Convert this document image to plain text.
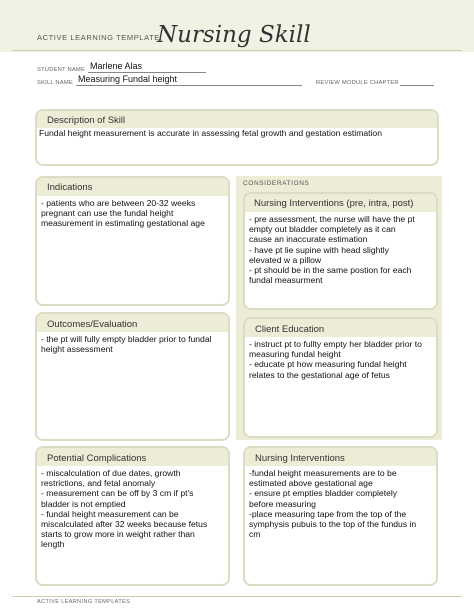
ACTIVE LEARNING TEMPLATE:
Nursing Skill
STUDENT NAME Marlene Alas
SKILL NAME Measuring Fundal height	REVIEW MODULE CHAPTER
Description of Skill
Fundal height measurement is accurate in assessing fetal growth and gestation estimation
Indications
- patients who are between 20-32 weeks
pregnant can use the fundal height
measurement in estimating gestational age
CONSIDERATIONS
Nursing Interventions (pre, intra, post)
- pre assessment, the nurse will have the pt
empty out bladder completely as it can
cause an inaccurate estimation
- have pt lie supine with head slightly
elevated w a pillow
- pt should be in the same postion for each
fundal measurment
Outcomes/Evaluation
- the pt will fully empty bladder prior to fundal
height assessment
Client Education
- instruct pt to fullty empty her bladder prior to
measuring fundal height
- educate pt how measuring fundal height
relates to the gestational age of fetus
Potential Complications
- miscalculation of due dates, growth
restrictions, and fetal anomaly
- measurement can be off by 3 cm if pt's
bladder is not emptied
- fundal height measurement can be
miscalculated after 32 weeks because fetus
starts to grow more in weight rather than
length
Nursing Interventions
-fundal height measurements are to be
estimated above gestational age
- ensure pt empties bladder completely
before measuring
-place measuring tape from the top of the
symphysis pubuis to the top of the fundus in
cm
ACTIVE LEARNING TEMPLATES
